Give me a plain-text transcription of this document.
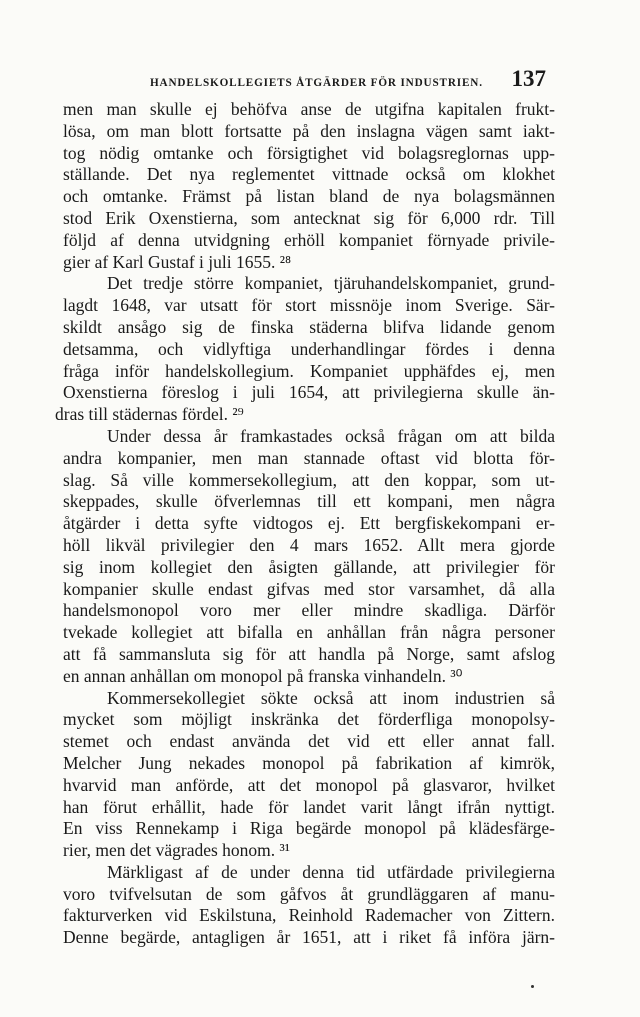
HANDELSKOLLEGIETS ÅTGÄRDER FÖR INDUSTRIEN. 137
men man skulle ej behöfva anse de utgifna kapitalen frukt-
lösa, om man blott fortsatte på den inslagna vägen samt iakt-
tog nödig omtanke och försigtighet vid bolagsreglornas upp-
ställande. Det nya reglementet vittnade också om klokhet
och omtanke. Främst på listan bland de nya bolagsmännen
stod Erik Oxenstierna, som antecknat sig för 6,000 rdr. Till
följd af denna utvidgning erhöll kompaniet förnyade privile-
gier af Karl Gustaf i juli 1655. ²⁸
Det tredje större kompaniet, tjäruhandelskompaniet, grund-
lagdt 1648, var utsatt för stort missnöje inom Sverige. Sär-
skildt ansågo sig de finska städerna blifva lidande genom
detsamma, och vidlyftiga underhandlingar fördes i denna
fråga inför handelskollegium. Kompaniet upphäfdes ej, men
Oxenstierna föreslog i juli 1654, att privilegierna skulle än-
dras till städernas fördel. ²⁹
Under dessa år framkastades också frågan om att bilda
andra kompanier, men man stannade oftast vid blotta för-
slag. Så ville kommersekollegium, att den koppar, som ut-
skeppades, skulle öfverlemnas till ett kompani, men några
åtgärder i detta syfte vidtogos ej. Ett bergfiskekompani er-
höll likväl privilegier den 4 mars 1652. Allt mera gjorde
sig inom kollegiet den åsigten gällande, att privilegier för
kompanier skulle endast gifvas med stor varsamhet, då alla
handelsmonopol voro mer eller mindre skadliga. Därför
tvekade kollegiet att bifalla en anhållan från några personer
att få sammansluta sig för att handla på Norge, samt afslog
en annan anhållan om monopol på franska vinhandeln. ³⁰
Kommersekollegiet sökte också att inom industrien så
mycket som möjligt inskränka det förderfliga monopolsy-
stemet och endast använda det vid ett eller annat fall.
Melcher Jung nekades monopol på fabrikation af kimrök,
hvarvid man anförde, att det monopol på glasvaror, hvilket
han förut erhållit, hade för landet varit långt ifrån nyttigt.
En viss Rennekamp i Riga begärde monopol på klädesfärge-
rier, men det vägrades honom. ³¹
Märkligast af de under denna tid utfärdade privilegierna
voro tvifvelsutan de som gåfvos åt grundläggaren af manu-
fakturverken vid Eskilstuna, Reinhold Rademacher von Zittern.
Denne begärde, antagligen år 1651, att i riket få införa järn-
